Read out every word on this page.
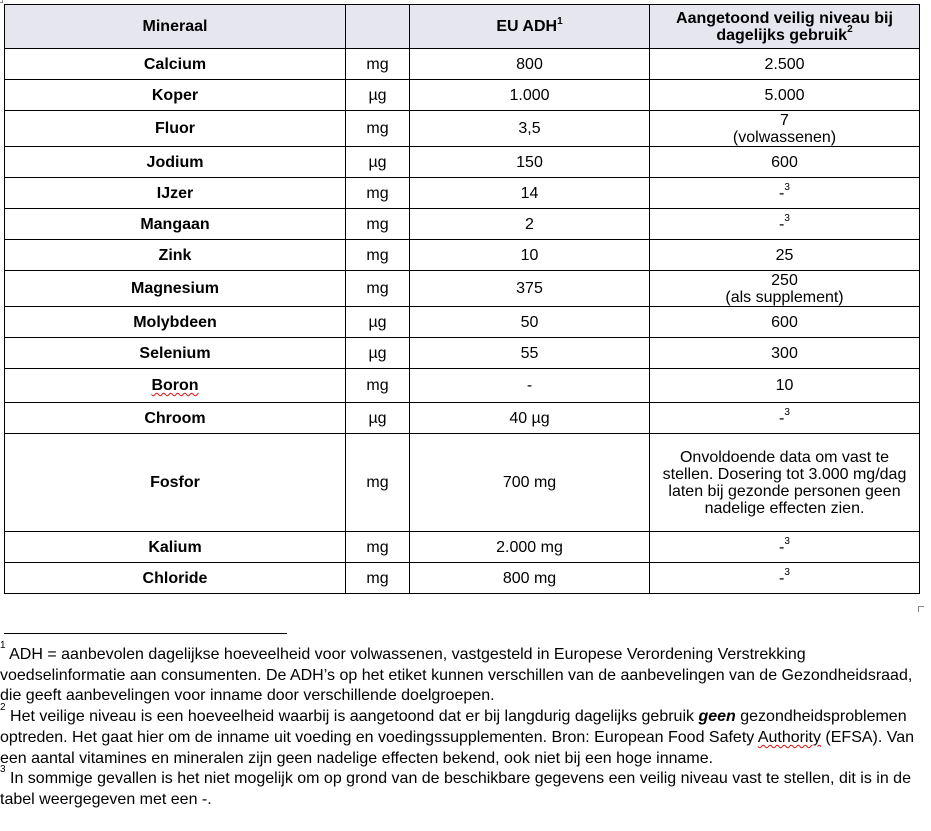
Mineraal		EU ADH$^1$	Aangetoond veilig niveau bij dagelijks gebruik$^2$
Calcium	mg	800	2.500
Koper	µg	1.000	5.000
Fluor	mg	3,5	7
(volwassenen)

Jodium	µg	150	600
IJzer	mg	14	-$^3$
Mangaan	mg	2	-$^3$
Zink	mg	10	25
Magnesium	mg	375	250
(als supplement)

Molybdeen	µg	50	600
Selenium	µg	55	300
Boron	mg	-	10
Chroom	µg	40 µg	-$^3$
Fosfor	mg	700 mg	Onvoldoende data om vast te stellen. Dosering tot 3.000 mg/dag laten bij gezonde personen geen nadelige effecten zien.
Kalium	mg	2.000 mg	-$^3$
Chloride	mg	800 mg	-$^3$

$^1$ ADH = aanbevolen dagelijkse hoeveelheid voor volwassenen, vastgesteld in Europese Verordening Verstrekking voedselinformatie aan consumenten. De ADH’s op het etiket kunnen verschillen van de aanbevelingen van de Gezondheidsraad, die geeft aanbevelingen voor inname door verschillende doelgroepen.

$^2$ Het veilige niveau is een hoeveelheid waarbij is aangetoond dat er bij langdurig dagelijks gebruik geen gezondheidsproblemen optreden. Het gaat hier om de inname uit voeding en voedingssupplementen. Bron: European Food Safety Authority (EFSA). Van een aantal vitamines en mineralen zijn geen nadelige effecten bekend, ook niet bij een hoge inname.

$^3$ In sommige gevallen is het niet mogelijk om op grond van de beschikbare gegevens een veilig niveau vast te stellen, dit is in de tabel weergegeven met een -.
